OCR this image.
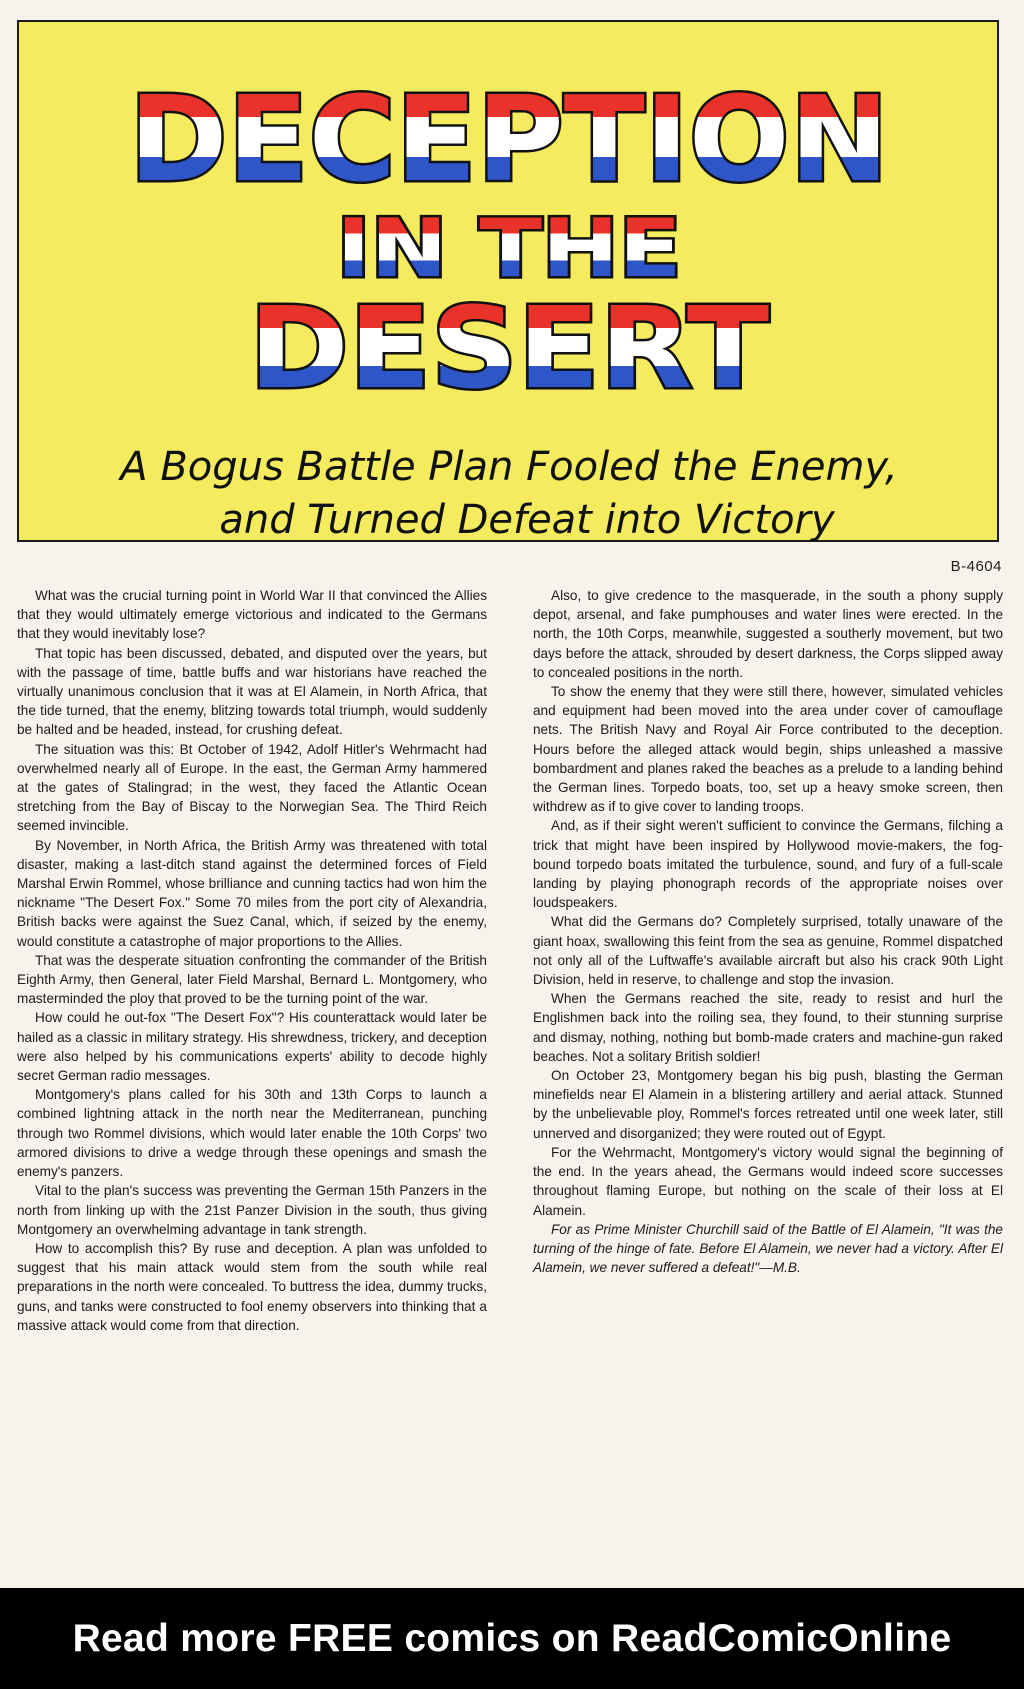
DECEPTION
IN THE
DESERT
A Bogus Battle Plan Fooled the Enemy,
and Turned Defeat into Victory
B-4604

What was the crucial turning point in World War II that convinced the Allies that they would ultimately emerge victorious and indicated to the Germans that they would inevitably lose?

That topic has been discussed, debated, and disputed over the years, but with the passage of time, battle buffs and war historians have reached the virtually unanimous conclusion that it was at El Alamein, in North Africa, that the tide turned, that the enemy, blitzing towards total triumph, would suddenly be halted and be headed, instead, for crushing defeat.

The situation was this: Bt October of 1942, Adolf Hitler's Wehrmacht had overwhelmed nearly all of Europe. In the east, the German Army hammered at the gates of Stalingrad; in the west, they faced the Atlantic Ocean stretching from the Bay of Biscay to the Norwegian Sea. The Third Reich seemed invincible.

By November, in North Africa, the British Army was threatened with total disaster, making a last-ditch stand against the determined forces of Field Marshal Erwin Rommel, whose brilliance and cunning tactics had won him the nickname "The Desert Fox." Some 70 miles from the port city of Alexandria, British backs were against the Suez Canal, which, if seized by the enemy, would constitute a catastrophe of major proportions to the Allies.

That was the desperate situation confronting the commander of the British Eighth Army, then General, later Field Marshal, Bernard L. Montgomery, who masterminded the ploy that proved to be the turning point of the war.

How could he out-fox "The Desert Fox"? His counterattack would later be hailed as a classic in military strategy. His shrewdness, trickery, and deception were also helped by his communications experts' ability to decode highly secret German radio messages.

Montgomery's plans called for his 30th and 13th Corps to launch a combined lightning attack in the north near the Mediterranean, punching through two Rommel divisions, which would later enable the 10th Corps' two armored divisions to drive a wedge through these openings and smash the enemy's panzers.

Vital to the plan's success was preventing the German 15th Panzers in the north from linking up with the 21st Panzer Division in the south, thus giving Montgomery an overwhelming advantage in tank strength.

How to accomplish this? By ruse and deception. A plan was unfolded to suggest that his main attack would stem from the south while real preparations in the north were concealed. To buttress the idea, dummy trucks, guns, and tanks were constructed to fool enemy observers into thinking that a massive attack would come from that direction.

Also, to give credence to the masquerade, in the south a phony supply depot, arsenal, and fake pumphouses and water lines were erected. In the north, the 10th Corps, meanwhile, suggested a southerly movement, but two days before the attack, shrouded by desert darkness, the Corps slipped away to concealed positions in the north.

To show the enemy that they were still there, however, simulated vehicles and equipment had been moved into the area under cover of camouflage nets. The British Navy and Royal Air Force contributed to the deception. Hours before the alleged attack would begin, ships unleashed a massive bombardment and planes raked the beaches as a prelude to a landing behind the German lines. Torpedo boats, too, set up a heavy smoke screen, then withdrew as if to give cover to landing troops.

And, as if their sight weren't sufficient to convince the Germans, filching a trick that might have been inspired by Hollywood movie-makers, the fog-bound torpedo boats imitated the turbulence, sound, and fury of a full-scale landing by playing phonograph records of the appropriate noises over loudspeakers.

What did the Germans do? Completely surprised, totally unaware of the giant hoax, swallowing this feint from the sea as genuine, Rommel dispatched not only all of the Luftwaffe's available aircraft but also his crack 90th Light Division, held in reserve, to challenge and stop the invasion.

When the Germans reached the site, ready to resist and hurl the Englishmen back into the roiling sea, they found, to their stunning surprise and dismay, nothing, nothing but bomb-made craters and machine-gun raked beaches. Not a solitary British soldier!

On October 23, Montgomery began his big push, blasting the German minefields near El Alamein in a blistering artillery and aerial attack. Stunned by the unbelievable ploy, Rommel's forces retreated until one week later, still unnerved and disorganized; they were routed out of Egypt.

For the Wehrmacht, Montgomery's victory would signal the beginning of the end. In the years ahead, the Germans would indeed score successes throughout flaming Europe, but nothing on the scale of their loss at El Alamein.

For as Prime Minister Churchill said of the Battle of El Alamein, "It was the turning of the hinge of fate. Before El Alamein, we never had a victory. After El Alamein, we never suffered a defeat!"—M.B.

Read more FREE comics on ReadComicOnline
